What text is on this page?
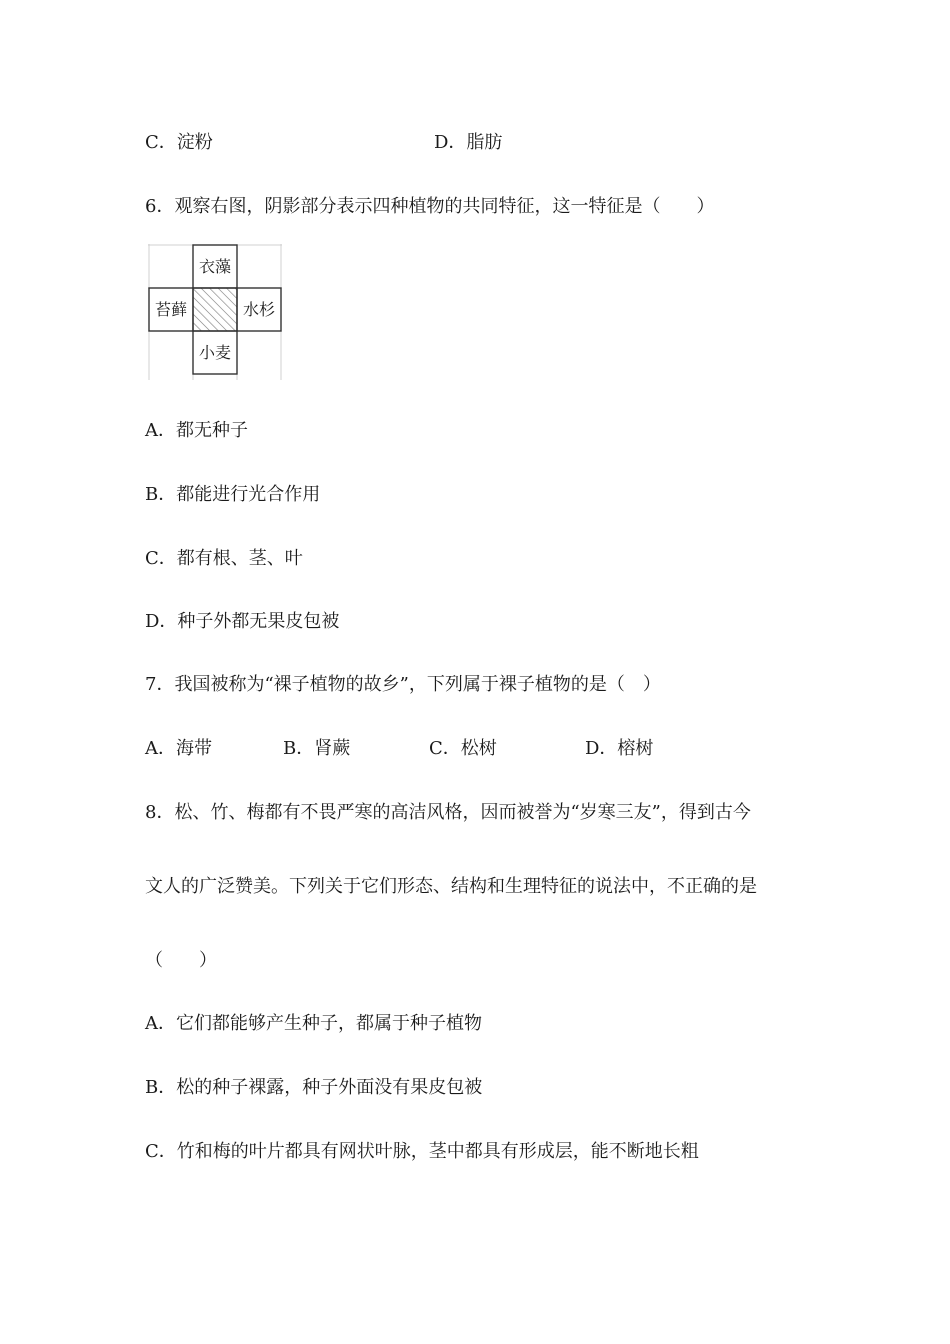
C．淀粉	D．脂肪
6．观察右图，阴影部分表示四种植物的共同特征，这一特征是（　　）
衣藻
苔藓	水杉
小麦
A．都无种子
B．都能进行光合作用
C．都有根、茎、叶
D．种子外都无果皮包被
7．我国被称为“裸子植物的故乡”，下列属于裸子植物的是（　）
A．海带	B．肾蕨	C．松树	D．榕树
8．松、竹、梅都有不畏严寒的高洁风格，因而被誉为“岁寒三友”，得到古今
文人的广泛赞美。下列关于它们形态、结构和生理特征的说法中，不正确的是
（　　）
A．它们都能够产生种子，都属于种子植物
B．松的种子裸露，种子外面没有果皮包被
C．竹和梅的叶片都具有网状叶脉，茎中都具有形成层，能不断地长粗
